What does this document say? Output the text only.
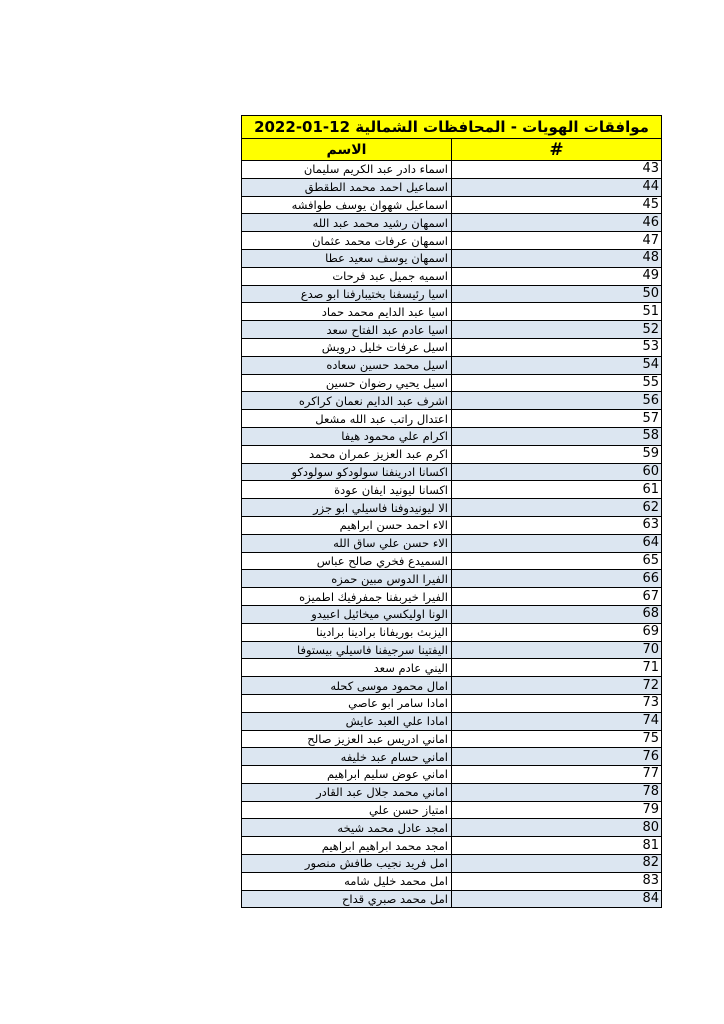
موافقات الهويات - المحافظات الشمالية 12-01-2022	
الاسم	#
اسماء دادر عبد الكريم سليمان	43
اسماعيل احمد محمد الطقطق	44
اسماعيل شهوان يوسف طوافشه	45
اسمهان رشيد محمد عبد الله	46
اسمهان عرفات محمد عثمان	47
اسمهان يوسف سعيد عطا	48
اسميه جميل عبد فرحات	49
اسيا رئيسفنا بختيبارفنا ابو صدع	50
اسيا عبد الدايم محمد حماد	51
اسيا عادم عبد الفتاح سعد	52
اسيل عرفات خليل درويش	53
اسيل محمد حسين سعاده	54
اسيل يحيي رضوان حسين	55
اشرف عبد الدايم نعمان كراكره	56
اعتدال راتب عبد الله مشعل	57
اكرام علي محمود هيفا	58
اكرم عبد العزيز عمران محمد	59
اكسانا ادرينفنا سولودكو سولودكو	60
اكسانا ليونيد ايفان عودة	61
الا ليونيدوفنا فاسيلي ابو جزر	62
الاء احمد حسن ابراهيم	63
الاء حسن علي ساق الله	64
السميدع فخري صالح عباس	65
الفيرا الدوس مبين حمزه	66
الفيرا خيربفنا جمفرفيك اطميزه	67
الونا اوليكسي ميخائيل اعبيدو	68
اليزبث بوريفانا برادينا برادينا	69
اليفتينا سرجيفنا فاسيلي بيستوفا	70
اليني عادم سعد	71
امال محمود موسى كحله	72
امادا سامر ابو عاصي	73
امادا علي العبد عايش	74
اماني ادريس عبد العزيز صالح	75
اماني حسام عبد خليفه	76
اماني عوض سليم ابراهيم	77
اماني محمد جلال عبد القادر	78
امتياز حسن علي	79
امجد عادل محمد شيخه	80
امجد محمد ابراهيم ابراهيم	81
امل فريد نجيب طافش منصور	82
امل محمد خليل شامه	83
امل محمد صبري قداح	84
